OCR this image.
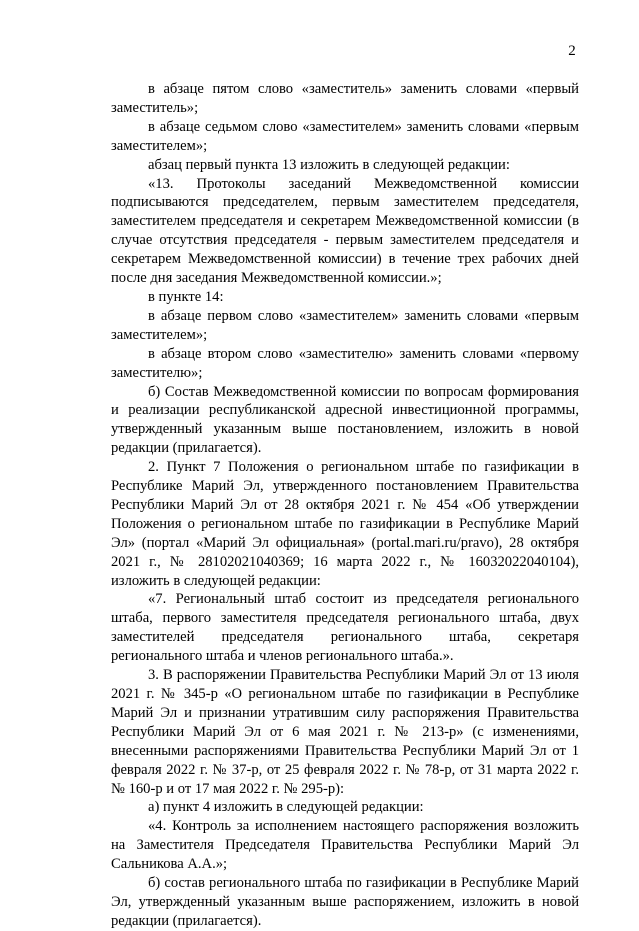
2

в абзаце пятом слово «заместитель» заменить словами «первый заместитель»;

в абзаце седьмом слово «заместителем» заменить словами «первым заместителем»;

абзац первый пункта 13 изложить в следующей редакции:

«13. Протоколы заседаний Межведомственной комиссии подписываются председателем, первым заместителем председателя, заместителем председателя и секретарем Межведомственной комиссии (в случае отсутствия председателя - первым заместителем председателя и секретарем Межведомственной комиссии) в течение трех рабочих дней после дня заседания Межведомственной комиссии.»;

в пункте 14:

в абзаце первом слово «заместителем» заменить словами «первым заместителем»;

в абзаце втором слово «заместителю» заменить словами «первому заместителю»;

б) Состав Межведомственной комиссии по вопросам формирования и реализации республиканской адресной инвестиционной программы, утвержденный указанным выше постановлением, изложить в новой редакции (прилагается).

2. Пункт 7 Положения о региональном штабе по газификации в Республике Марий Эл, утвержденного постановлением Правительства Республики Марий Эл от 28 октября 2021 г. № 454 «Об утверждении Положения о региональном штабе по газификации в Республике Марий Эл» (портал «Марий Эл официальная» (portal.mari.ru/pravo), 28 октября 2021 г., № 28102021040369; 16 марта 2022 г., № 16032022040104), изложить в следующей редакции:

«7. Региональный штаб состоит из председателя регионального штаба, первого заместителя председателя регионального штаба, двух заместителей председателя регионального штаба, секретаря регионального штаба и членов регионального штаба.».

3. В распоряжении Правительства Республики Марий Эл от 13 июля 2021 г. № 345-р «О региональном штабе по газификации в Республике Марий Эл и признании утратившим силу распоряжения Правительства Республики Марий Эл от 6 мая 2021 г. № 213-р» (с изменениями, внесенными распоряжениями Правительства Республики Марий Эл от 1 февраля 2022 г. № 37-р, от 25 февраля 2022 г. № 78-р, от 31 марта 2022 г. № 160-р и от 17 мая 2022 г. № 295-р):

а) пункт 4 изложить в следующей редакции:

«4. Контроль за исполнением настоящего распоряжения возложить на Заместителя Председателя Правительства Республики Марий Эл Сальникова А.А.»;

б) состав регионального штаба по газификации в Республике Марий Эл, утвержденный указанным выше распоряжением, изложить в новой редакции (прилагается).
